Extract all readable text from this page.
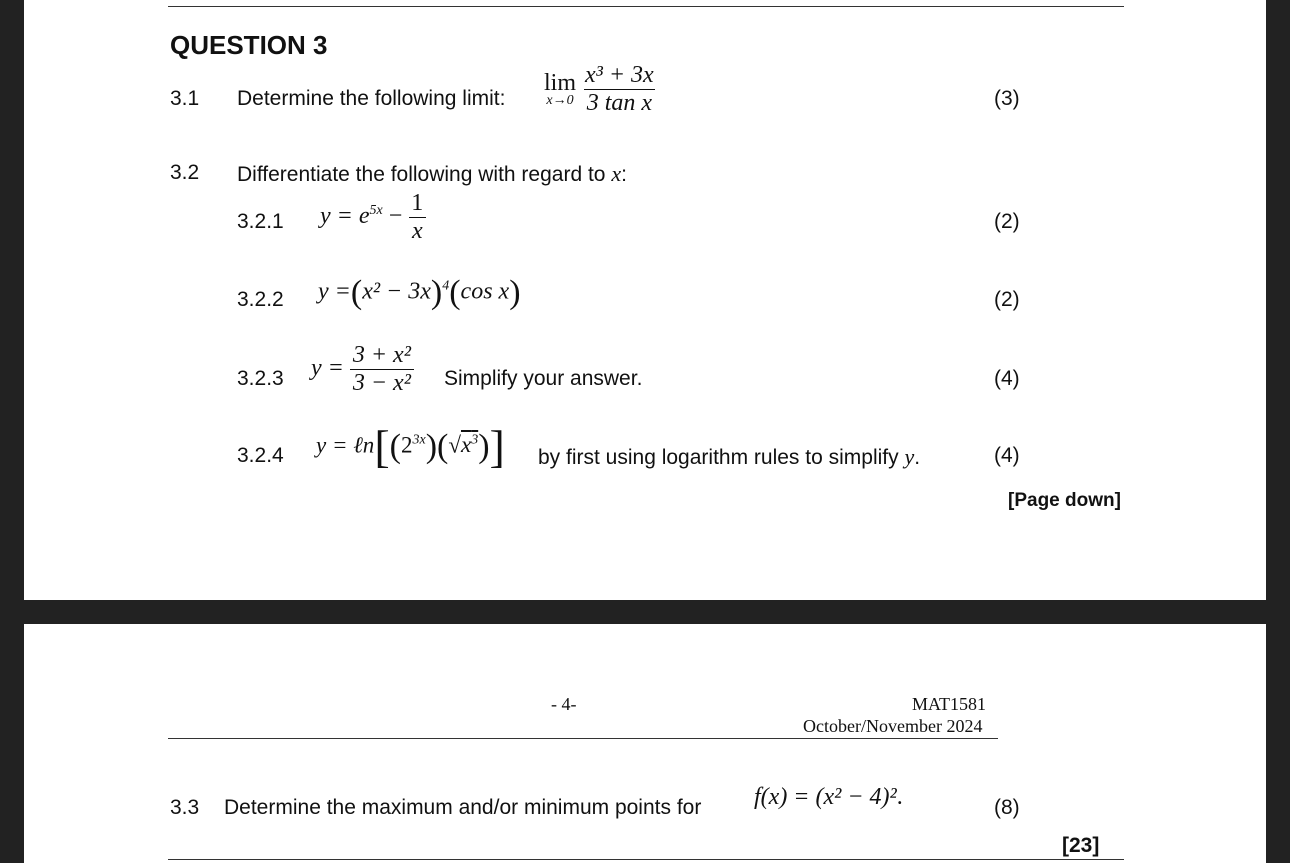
QUESTION 3
3.1 Determine the following limit:
lim
x→0
$\frac{\text{x³ + 3x}}{\text{3 tan x}}$	(3)
3.2 Differentiate the following with regard to x:
3.2.1 $y = e^{5x} - \frac{1}{x}$	(2)
3.2.2 $y =(x^2 - 3x)^4(\cos$ x)	(2)
3.2.3 $y = \frac{\text{3 + x²}}{\text{3 − x²}}$ Simplify your answer.	(4)
3.2.4 $y = \ell n[(2^{3x})(√x^3)]$ by first using logarithm rules to simplify y.	(4)
[Page down]
- 4-	MAT1581
October/November 2024
3.3 Determine the maximum and/or minimum points for f(x) = (x² − 4)².	(8)
[23]
